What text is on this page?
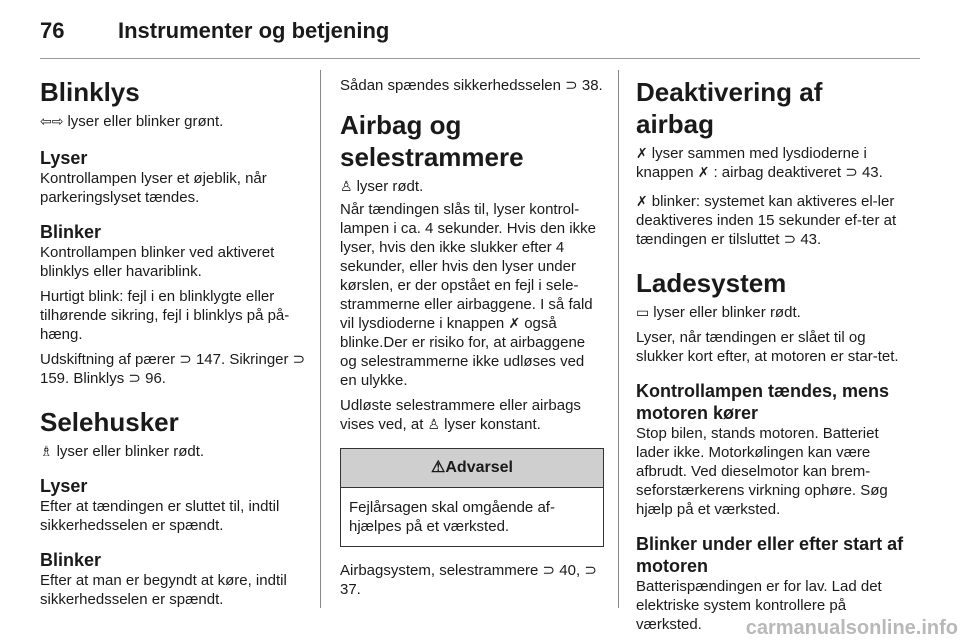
76 Instrumenter og betjening
Blinklys

⇦⇨ lyser eller blinker grønt.

Lyser

Kontrollampen lyser et øjeblik, når parkeringslyset tændes.

Blinker

Kontrollampen blinker ved aktiveret blinklys eller havariblink.

Hurtigt blink: fejl i en blinklygte eller tilhørende sikring, fejl i blinklys på på-hæng.

Udskiftning af pærer ⊃ 147. Sikringer ⊃ 159. Blinklys ⊃ 96.

Selehusker

♗ lyser eller blinker rødt.

Lyser

Efter at tændingen er sluttet til, indtil sikkerhedsselen er spændt.

Blinker

Efter at man er begyndt at køre, indtil sikkerhedsselen er spændt.

Sådan spændes sikkerhedsselen ⊃ 38.

Airbag og selestrammere

♙ lyser rødt.

Når tændingen slås til, lyser kontrol-lampen i ca. 4 sekunder. Hvis den ikke lyser, hvis den ikke slukker efter 4 sekunder, eller hvis den lyser under kørslen, er der opstået en fejl i sele-strammerne eller airbaggene. I så fald vil lysdioderne i knappen ✗ også blinke.Der er risiko for, at airbaggene og selestrammerne ikke udløses ved en ulykke.

Udløste selestrammere eller airbags vises ved, at ♙ lyser konstant.

⚠Advarsel
Fejlårsagen skal omgående af-hjælpes på et værksted.

Airbagsystem, selestrammere ⊃ 40, ⊃ 37.

Deaktivering af airbag

✗ lyser sammen med lysdioderne i knappen ✗ : airbag deaktiveret ⊃ 43.

✗ blinker: systemet kan aktiveres el-ler deaktiveres inden 15 sekunder ef-ter at tændingen er tilsluttet ⊃ 43.

Ladesystem

▭ lyser eller blinker rødt.

Lyser, når tændingen er slået til og slukker kort efter, at motoren er star-tet.

Kontrollampen tændes, mens motoren kører

Stop bilen, stands motoren. Batteriet lader ikke. Motorkølingen kan være afbrudt. Ved dieselmotor kan brem-seforstærkerens virkning ophøre. Søg hjælp på et værksted.

Blinker under eller efter start af motoren

Batterispændingen er for lav. Lad det elektriske system kontrollere på værksted.	carmanualsonline.info
